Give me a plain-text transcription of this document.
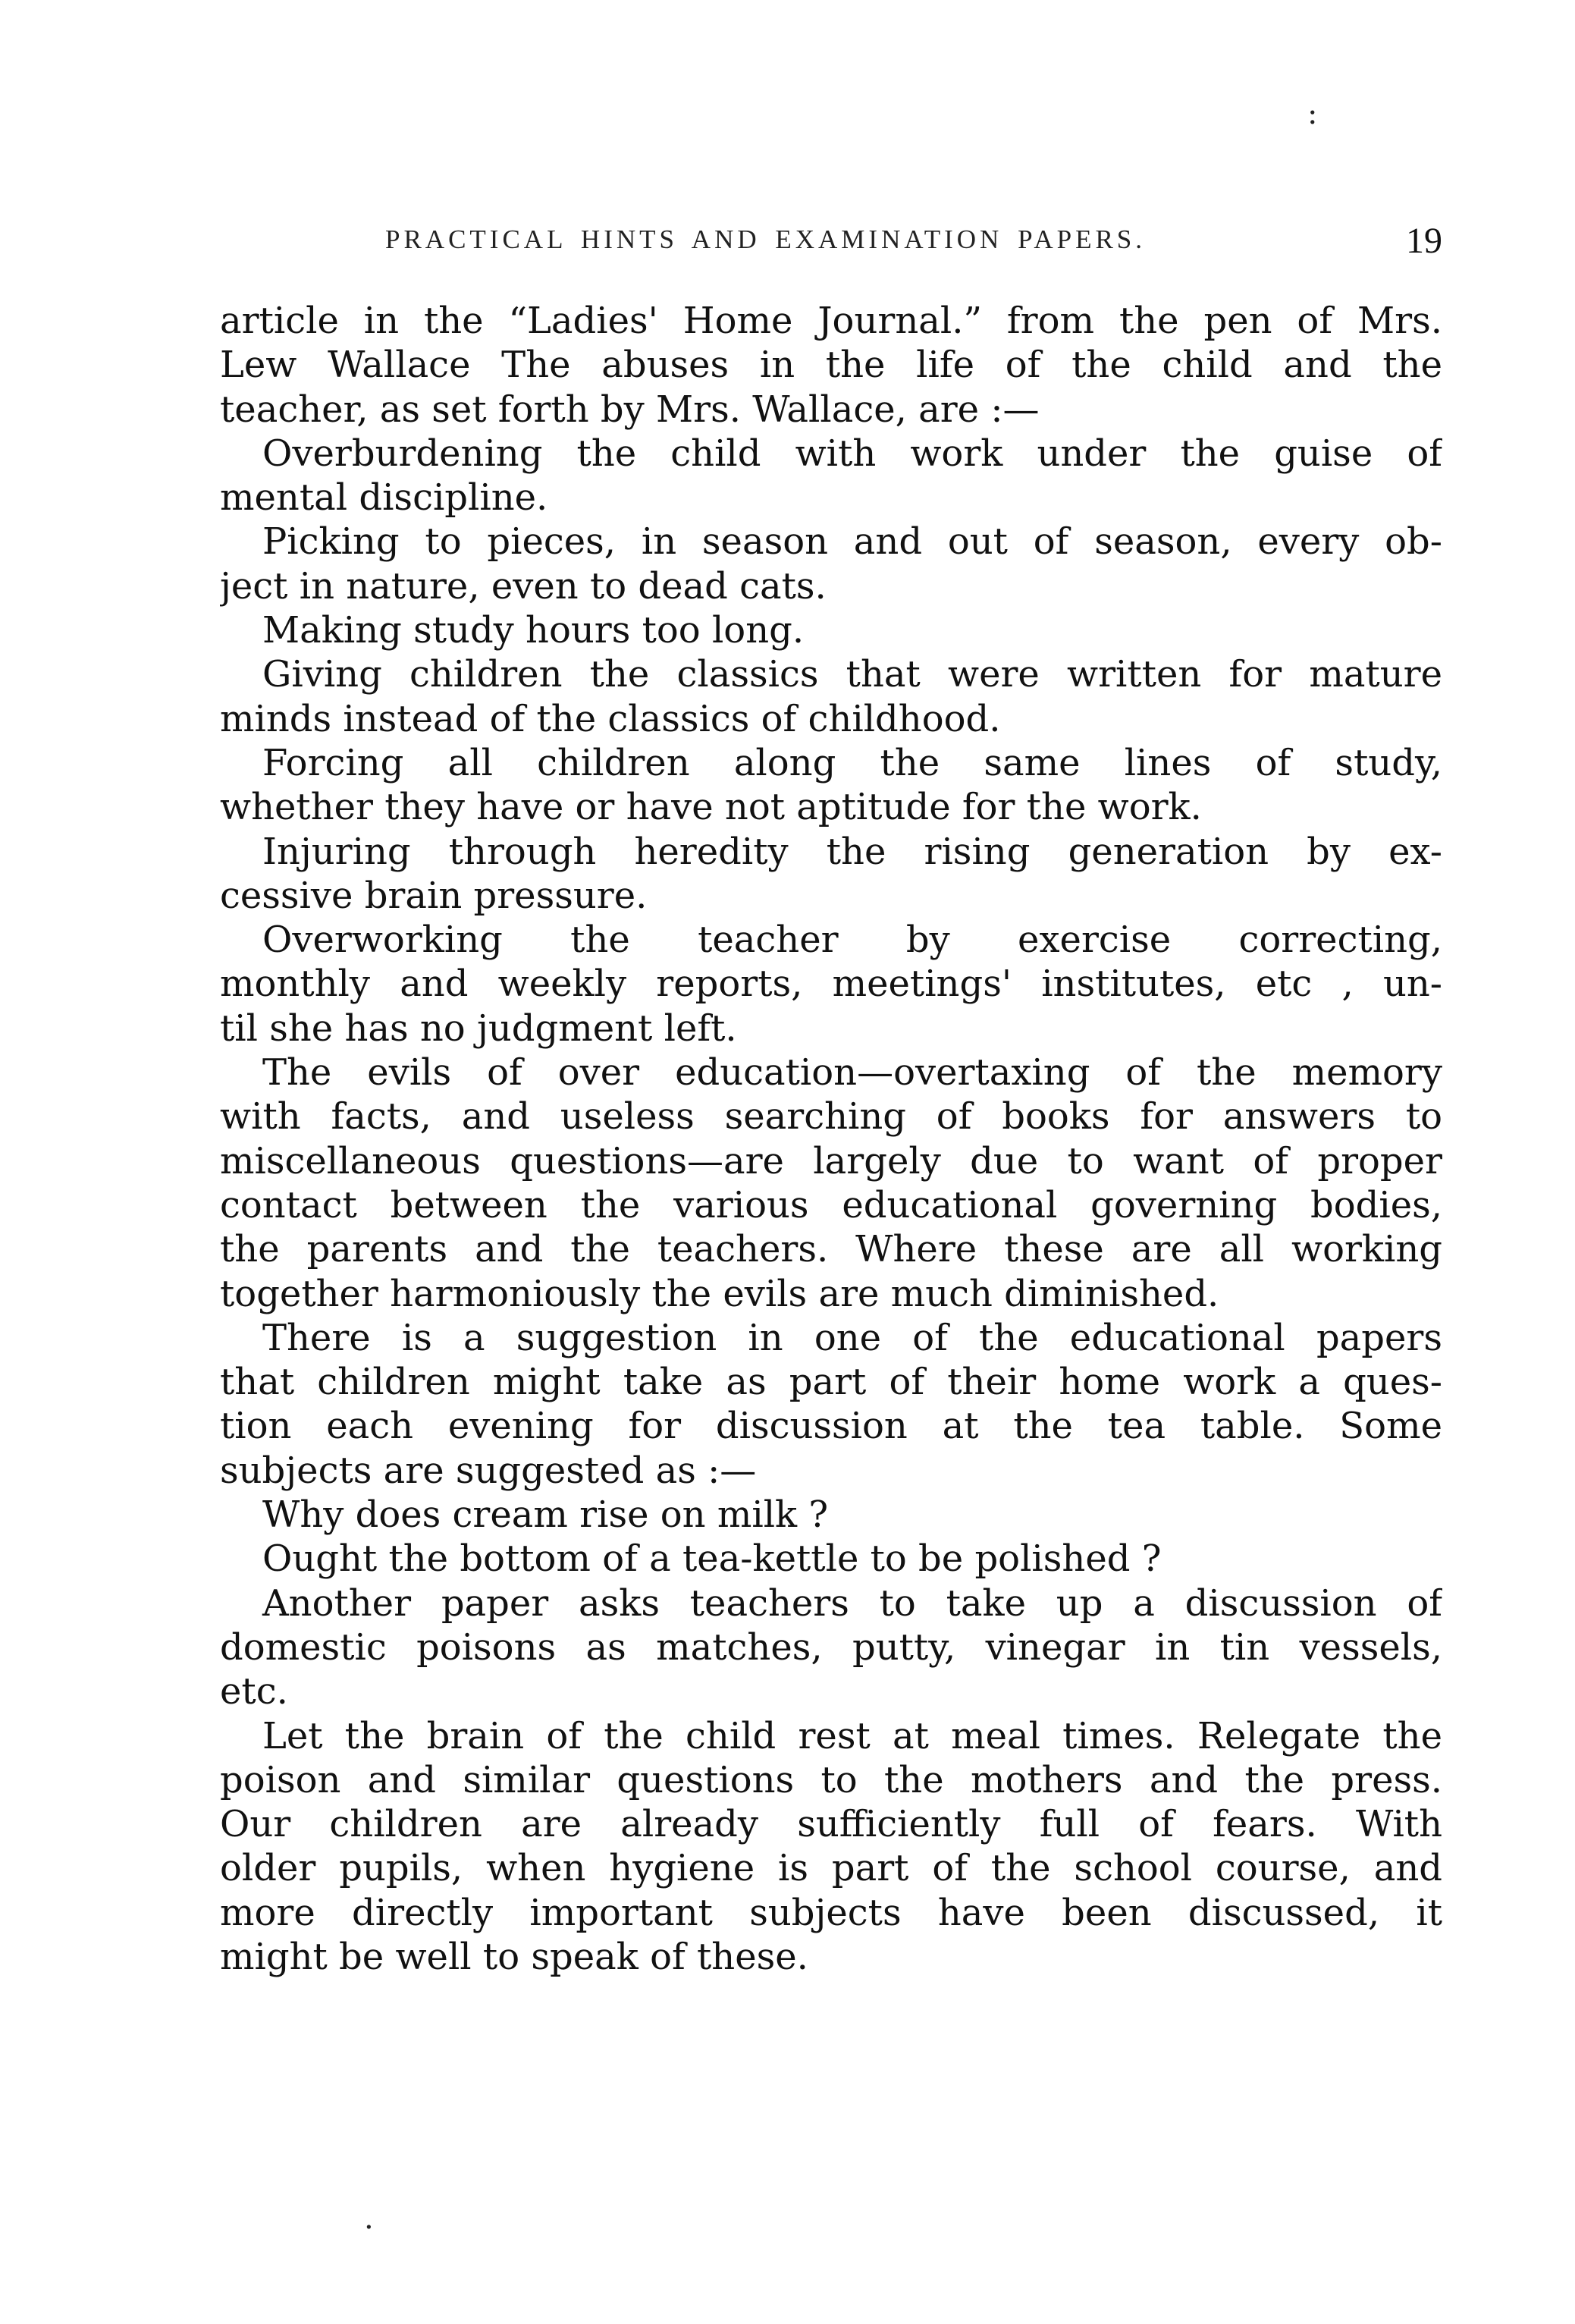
:
PRACTICAL HINTS AND EXAMINATION PAPERS.	19
article in the “Ladies' Home Journal.” from the pen of Mrs.
Lew Wallace The abuses in the life of the child and the
teacher, as set forth by Mrs. Wallace, are :—
Overburdening the child with work under the guise of
mental discipline.
Picking to pieces, in season and out of season, every ob-
ject in nature, even to dead cats.
Making study hours too long.
Giving children the classics that were written for mature
minds instead of the classics of childhood.
Forcing all children along the same lines of study,
whether they have or have not aptitude for the work.
Injuring through heredity the rising generation by ex-
cessive brain pressure.
Overworking the teacher by exercise correcting,
monthly and weekly reports, meetings' institutes, etc , un-
til she has no judgment left.
The evils of over education—overtaxing of the memory
with facts, and useless searching of books for answers to
miscellaneous questions—are largely due to want of proper
contact between the various educational governing bodies,
the parents and the teachers. Where these are all working
together harmoniously the evils are much diminished.
There is a suggestion in one of the educational papers
that children might take as part of their home work a ques-
tion each evening for discussion at the tea table. Some
subjects are suggested as :—
Why does cream rise on milk ?
Ought the bottom of a tea-kettle to be polished ?
Another paper asks teachers to take up a discussion of
domestic poisons as matches, putty, vinegar in tin vessels,
etc.
Let the brain of the child rest at meal times. Relegate the
poison and similar questions to the mothers and the press.
Our children are already sufficiently full of fears. With
older pupils, when hygiene is part of the school course, and
more directly important subjects have been discussed, it
might be well to speak of these.
.
